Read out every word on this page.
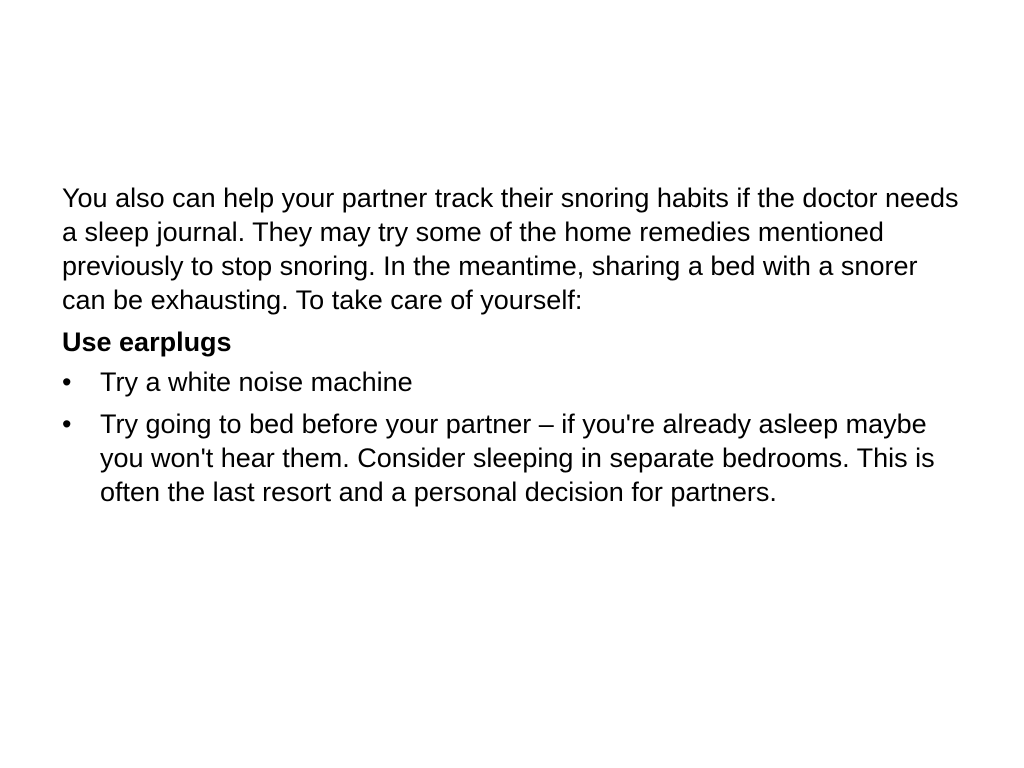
You also can help your partner track their snoring habits if the doctor needs a sleep journal. They may try some of the home remedies mentioned previously to stop snoring. In the meantime, sharing a bed with a snorer can be exhausting. To take care of yourself:

Use earplugs

• Try a white noise machine
• Try going to bed before your partner – if you're already asleep maybe you won't hear them. Consider sleeping in separate bedrooms. This is often the last resort and a personal decision for partners.
